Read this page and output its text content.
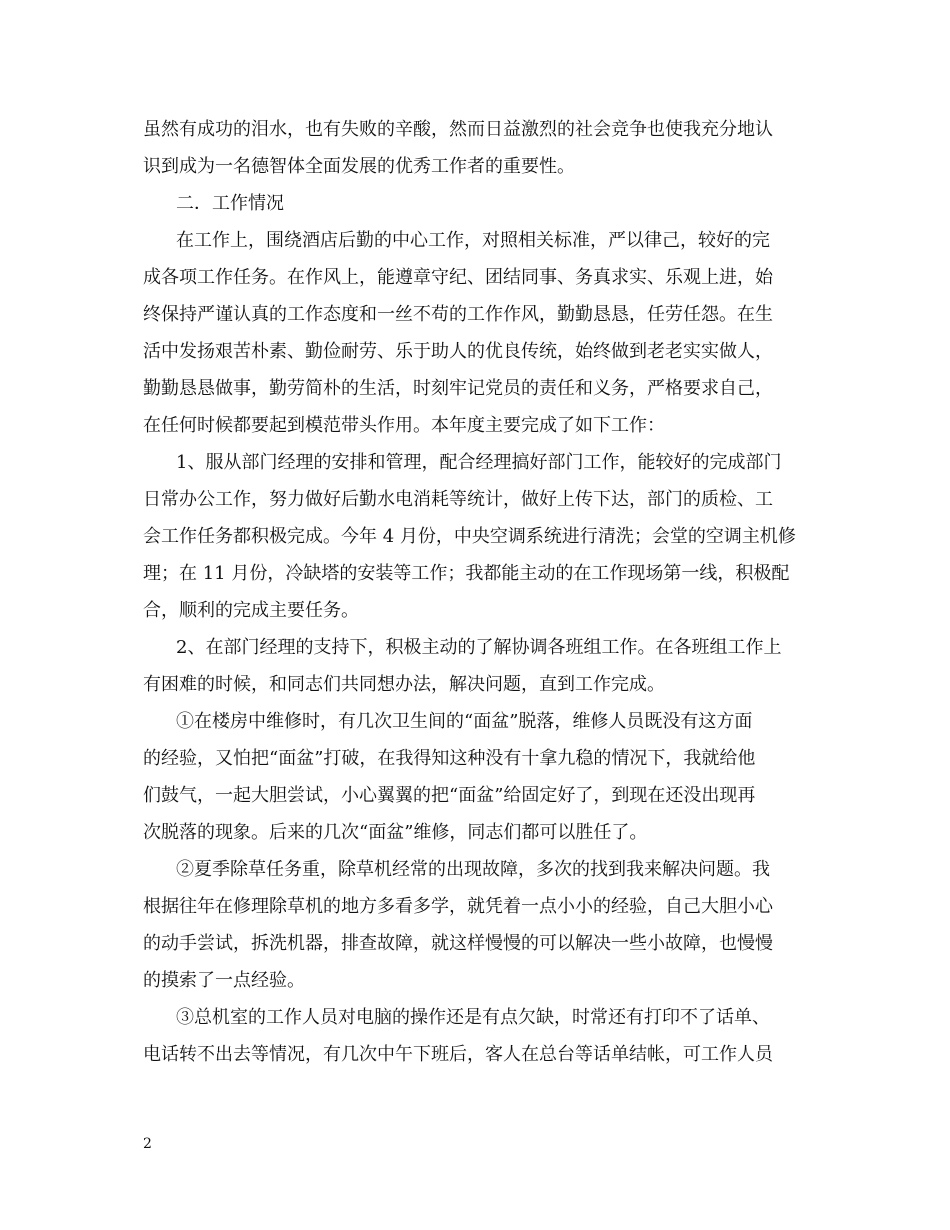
虽然有成功的泪水，也有失败的辛酸，然而日益激烈的社会竞争也使我充分地认
识到成为一名德智体全面发展的优秀工作者的重要性。
二．工作情况
在工作上，围绕酒店后勤的中心工作，对照相关标准，严以律己，较好的完
成各项工作任务。在作风上，能遵章守纪、团结同事、务真求实、乐观上进，始
终保持严谨认真的工作态度和一丝不苟的工作作风，勤勤恳恳，任劳任怨。在生
活中发扬艰苦朴素、勤俭耐劳、乐于助人的优良传统，始终做到老老实实做人，
勤勤恳恳做事，勤劳简朴的生活，时刻牢记党员的责任和义务，严格要求自己，
在任何时候都要起到模范带头作用。本年度主要完成了如下工作：
1、服从部门经理的安排和管理，配合经理搞好部门工作，能较好的完成部门
日常办公工作，努力做好后勤水电消耗等统计，做好上传下达，部门的质检、工
会工作任务都积极完成。今年 4 月份，中央空调系统进行清洗；会堂的空调主机修
理；在 11 月份，冷缺塔的安装等工作；我都能主动的在工作现场第一线，积极配
合，顺利的完成主要任务。
2、在部门经理的支持下，积极主动的了解协调各班组工作。在各班组工作上
有困难的时候，和同志们共同想办法，解决问题，直到工作完成。
①在楼房中维修时，有几次卫生间的“面盆”脱落，维修人员既没有这方面
的经验，又怕把“面盆”打破，在我得知这种没有十拿九稳的情况下，我就给他
们鼓气，一起大胆尝试，小心翼翼的把“面盆”给固定好了，到现在还没出现再
次脱落的现象。后来的几次“面盆”维修，同志们都可以胜任了。
②夏季除草任务重，除草机经常的出现故障，多次的找到我来解决问题。我
根据往年在修理除草机的地方多看多学，就凭着一点小小的经验，自己大胆小心
的动手尝试，拆洗机器，排查故障，就这样慢慢的可以解决一些小故障，也慢慢
的摸索了一点经验。
③总机室的工作人员对电脑的操作还是有点欠缺，时常还有打印不了话单、
电话转不出去等情况，有几次中午下班后，客人在总台等话单结帐，可工作人员
2
